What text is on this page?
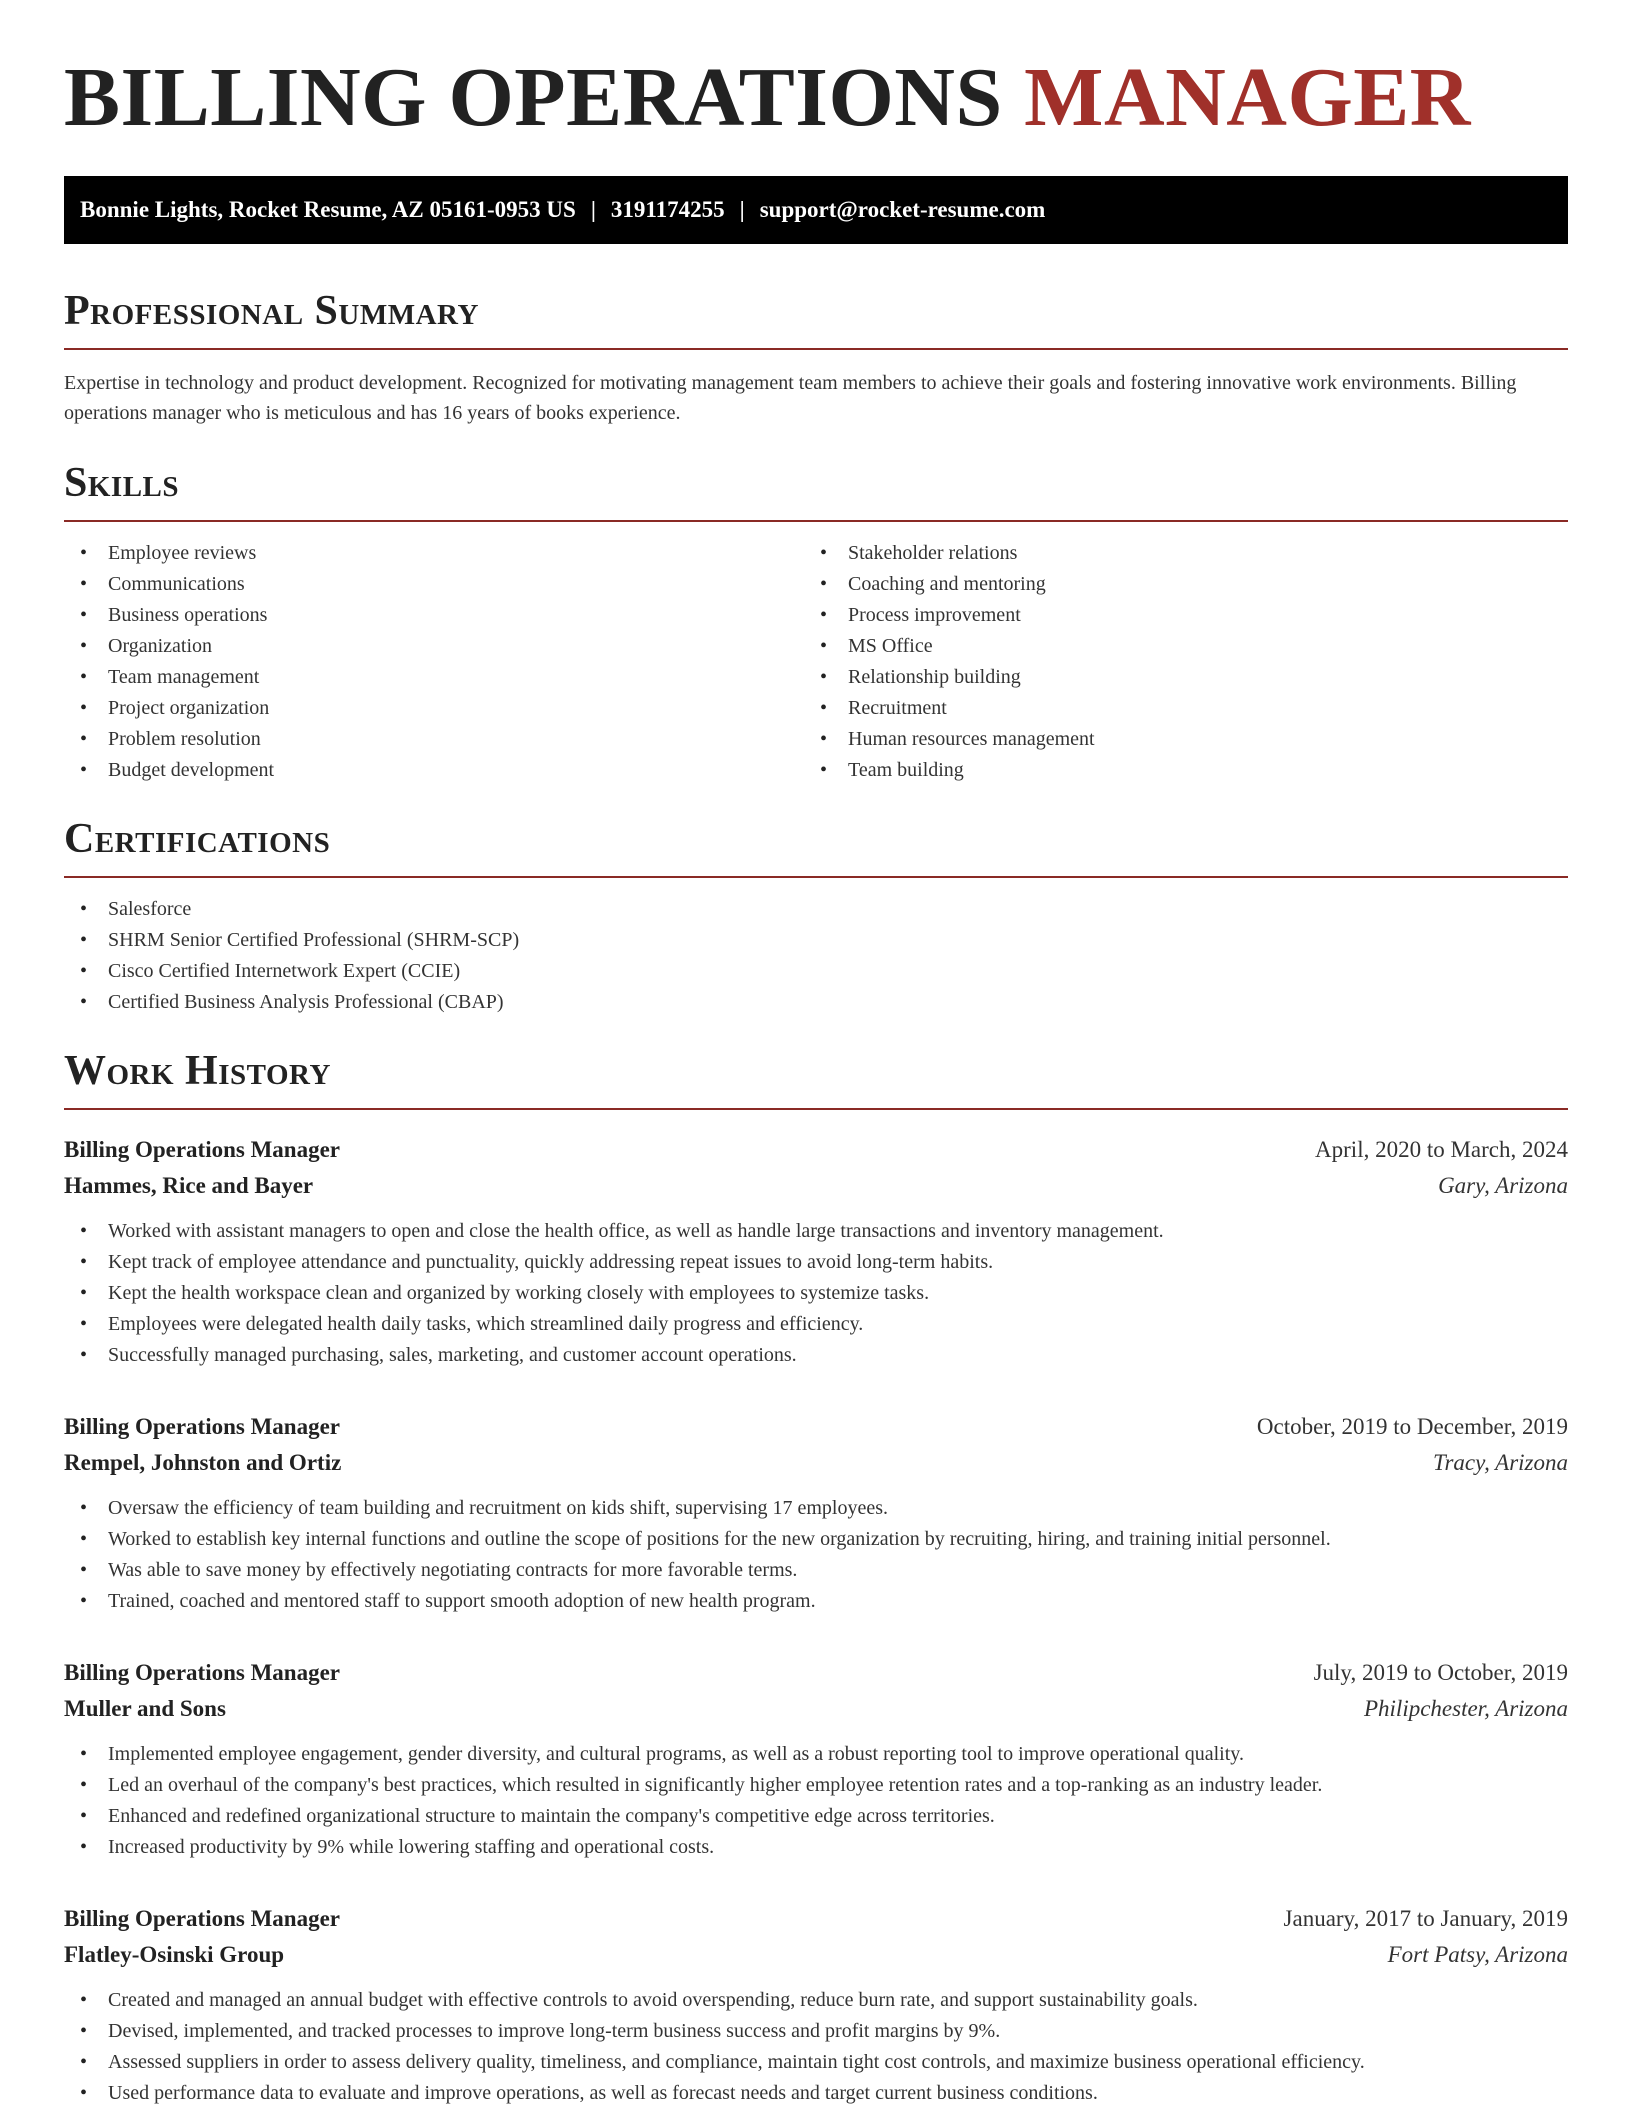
BILLING OPERATIONS MANAGER
Bonnie Lights, Rocket Resume, AZ 05161-0953 US | 3191174255 | support@rocket-resume.com
Professional Summary

Expertise in technology and product development. Recognized for motivating management team members to achieve their goals and fostering innovative work environments. Billing operations manager who is meticulous and has 16 years of books experience.

Skills
• Employee reviews
• Communications
• Business operations
• Organization
• Team management
• Project organization
• Problem resolution
• Budget development
• Stakeholder relations
• Coaching and mentoring
• Process improvement
• MS Office
• Relationship building
• Recruitment
• Human resources management
• Team building
Certifications
• Salesforce
• SHRM Senior Certified Professional (SHRM-SCP)
• Cisco Certified Internetwork Expert (CCIE)
• Certified Business Analysis Professional (CBAP)
Work History
Billing Operations Manager	April, 2020 to March, 2024
Hammes, Rice and Bayer	Gary, Arizona
• Worked with assistant managers to open and close the health office, as well as handle large transactions and inventory management.
• Kept track of employee attendance and punctuality, quickly addressing repeat issues to avoid long-term habits.
• Kept the health workspace clean and organized by working closely with employees to systemize tasks.
• Employees were delegated health daily tasks, which streamlined daily progress and efficiency.
• Successfully managed purchasing, sales, marketing, and customer account operations.
Billing Operations Manager	October, 2019 to December, 2019
Rempel, Johnston and Ortiz	Tracy, Arizona
• Oversaw the efficiency of team building and recruitment on kids shift, supervising 17 employees.
• Worked to establish key internal functions and outline the scope of positions for the new organization by recruiting, hiring, and training initial personnel.
• Was able to save money by effectively negotiating contracts for more favorable terms.
• Trained, coached and mentored staff to support smooth adoption of new health program.
Billing Operations Manager	July, 2019 to October, 2019
Muller and Sons	Philipchester, Arizona
• Implemented employee engagement, gender diversity, and cultural programs, as well as a robust reporting tool to improve operational quality.
• Led an overhaul of the company's best practices, which resulted in significantly higher employee retention rates and a top-ranking as an industry leader.
• Enhanced and redefined organizational structure to maintain the company's competitive edge across territories.
• Increased productivity by 9% while lowering staffing and operational costs.
Billing Operations Manager	January, 2017 to January, 2019
Flatley-Osinski Group	Fort Patsy, Arizona
• Created and managed an annual budget with effective controls to avoid overspending, reduce burn rate, and support sustainability goals.
• Devised, implemented, and tracked processes to improve long-term business success and profit margins by 9%.
• Assessed suppliers in order to assess delivery quality, timeliness, and compliance, maintain tight cost controls, and maximize business operational efficiency.
• Used performance data to evaluate and improve operations, as well as forecast needs and target current business conditions.
